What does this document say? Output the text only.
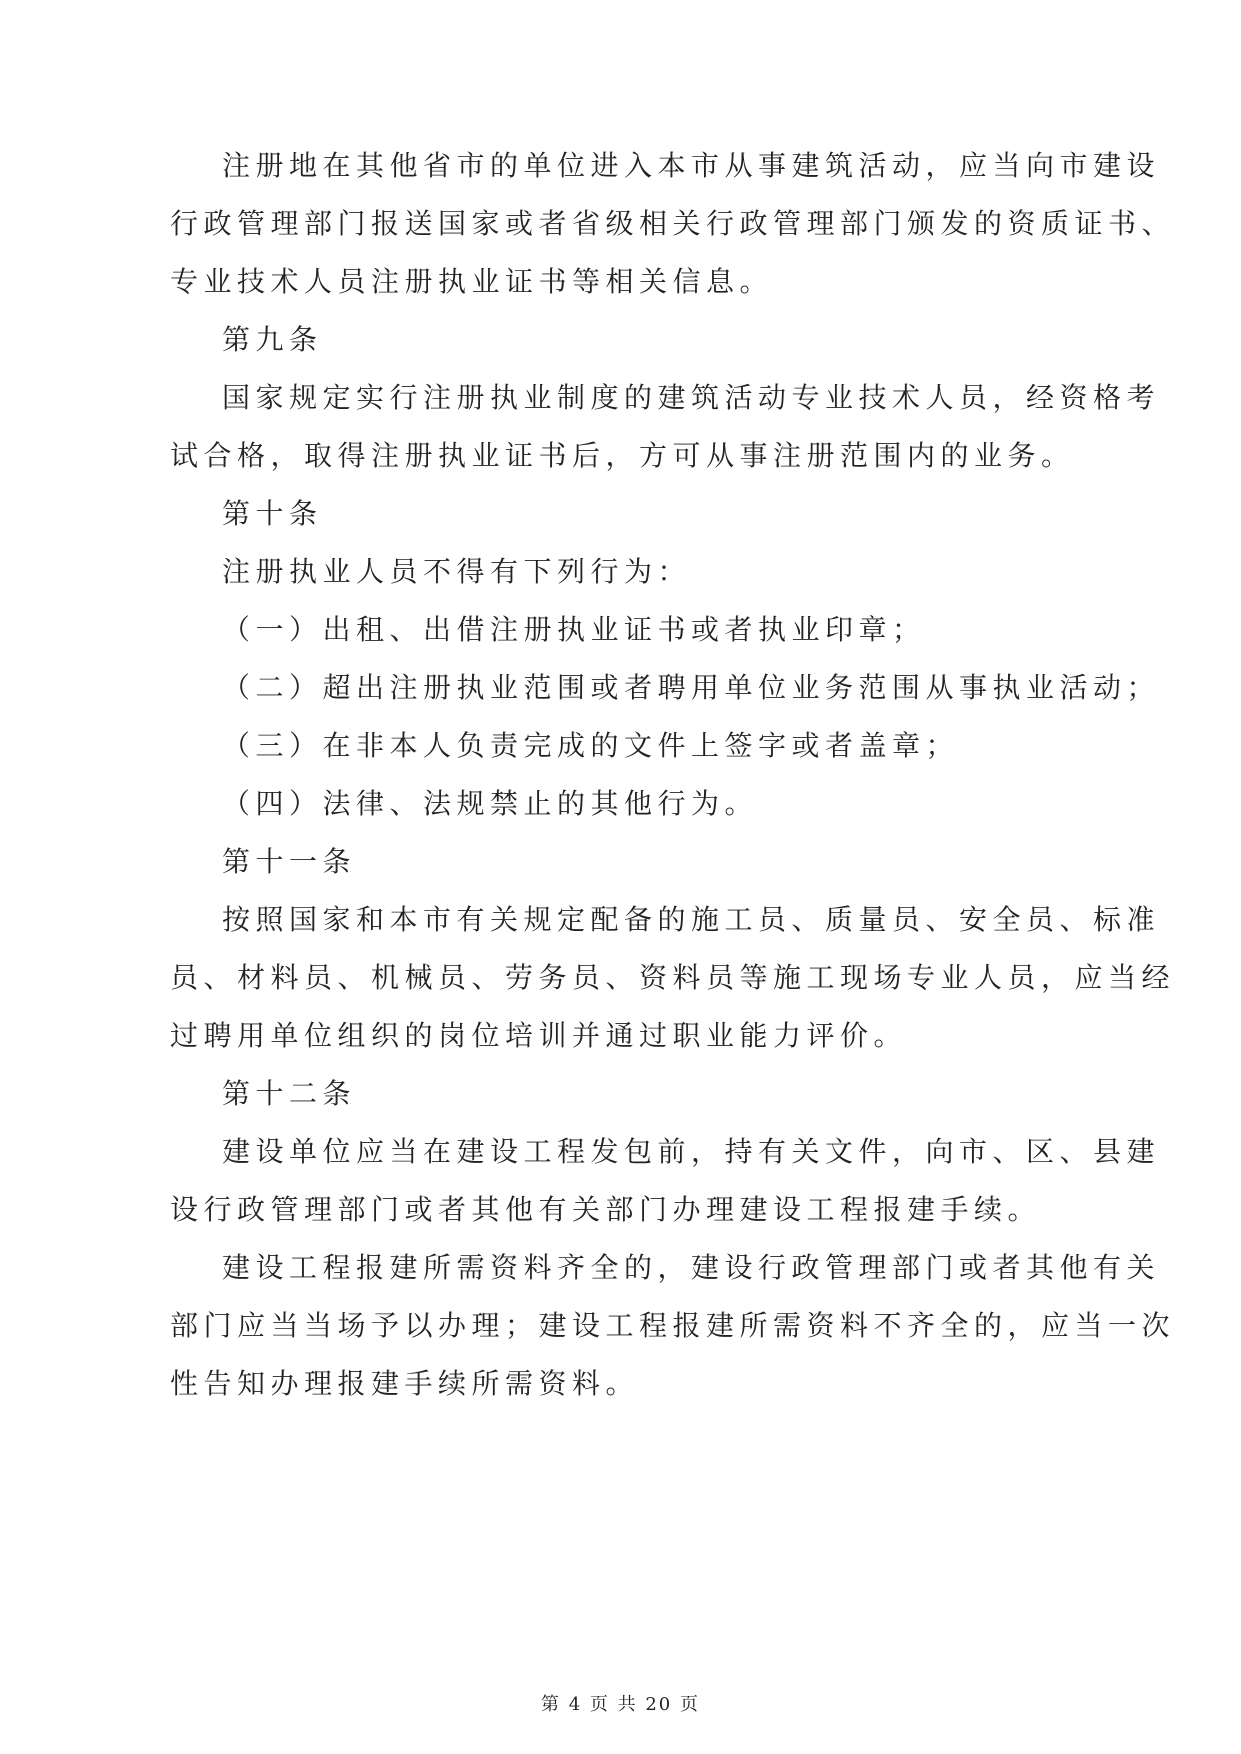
注册地在其他省市的单位进入本市从事建筑活动，应当向市建设
行政管理部门报送国家或者省级相关行政管理部门颁发的资质证书、
专业技术人员注册执业证书等相关信息。
第九条
国家规定实行注册执业制度的建筑活动专业技术人员，经资格考
试合格，取得注册执业证书后，方可从事注册范围内的业务。
第十条
注册执业人员不得有下列行为：
（一）出租、出借注册执业证书或者执业印章；
（二）超出注册执业范围或者聘用单位业务范围从事执业活动；
（三）在非本人负责完成的文件上签字或者盖章；
（四）法律、法规禁止的其他行为。
第十一条
按照国家和本市有关规定配备的施工员、质量员、安全员、标准
员、材料员、机械员、劳务员、资料员等施工现场专业人员，应当经
过聘用单位组织的岗位培训并通过职业能力评价。
第十二条
建设单位应当在建设工程发包前，持有关文件，向市、区、县建
设行政管理部门或者其他有关部门办理建设工程报建手续。
建设工程报建所需资料齐全的，建设行政管理部门或者其他有关
部门应当当场予以办理；建设工程报建所需资料不齐全的，应当一次
性告知办理报建手续所需资料。
第 4 页 共 20 页
